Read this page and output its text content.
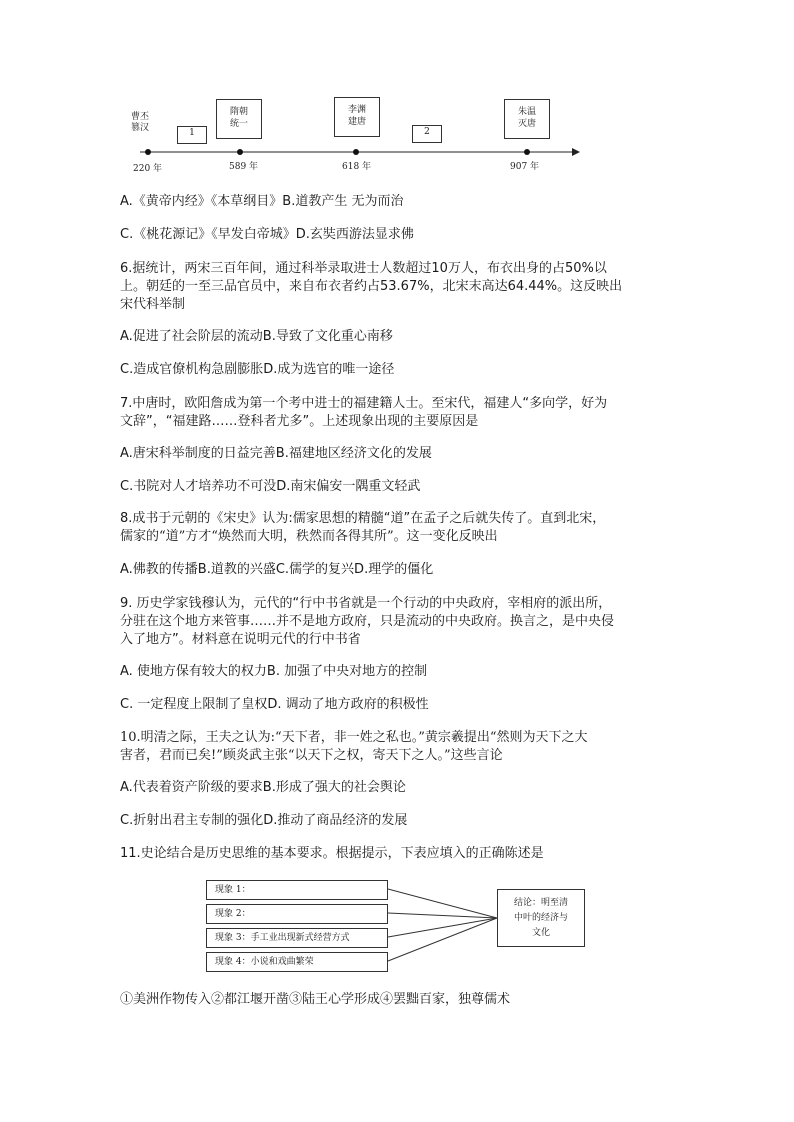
曹丕
篡汉	1
隋朝
统一
李渊
建唐
2
朱温
灭唐
220 年	589 年	618 年	907 年
A.《黄帝内经》《本草纲目》B.道教产生 无为而治
C.《桃花源记》《早发白帝城》D.玄奘西游法显求佛
6.据统计，两宋三百年间，通过科举录取进士人数超过10万人，布衣出身的占50%以
上。朝廷的一至三品官员中，来自布衣者约占53.67%，北宋末高达64.44%。这反映出
宋代科举制
A.促进了社会阶层的流动B.导致了文化重心南移
C.造成官僚机构急剧膨胀D.成为选官的唯一途径
7.中唐时，欧阳詹成为第一个考中进士的福建籍人士。至宋代，福建人“多向学，好为
文辞”，“福建路……登科者尤多”。上述现象出现的主要原因是
A.唐宋科举制度的日益完善B.福建地区经济文化的发展
C.书院对人才培养功不可没D.南宋偏安一隅重文轻武
8.成书于元朝的《宋史》认为:儒家思想的精髓“道”在孟子之后就失传了。直到北宋，
儒家的“道”方才“焕然而大明，秩然而各得其所”。这一变化反映出
A.佛教的传播B.道教的兴盛C.儒学的复兴D.理学的僵化
9. 历史学家钱穆认为，元代的“行中书省就是一个行动的中央政府，宰相府的派出所，
分驻在这个地方来管事……并不是地方政府，只是流动的中央政府。换言之，是中央侵
入了地方”。材料意在说明元代的行中书省
A. 使地方保有较大的权力B. 加强了中央对地方的控制
C. 一定程度上限制了皇权D. 调动了地方政府的积极性
10.明清之际，王夫之认为:“天下者，非一姓之私也。”黄宗羲提出“然则为天下之大
害者，君而已矣!”顾炎武主张“以天下之权，寄天下之人。”这些言论
A.代表着资产阶级的要求B.形成了强大的社会舆论
C.折射出君主专制的强化D.推动了商品经济的发展
11.史论结合是历史思维的基本要求。根据提示，下表应填入的正确陈述是
现象 1：
现象 2：
现象 3：手工业出现新式经营方式
现象 4：小说和戏曲繁荣
结论：明至清
中叶的经济与
文化
①美洲作物传入②都江堰开凿③陆王心学形成④罢黜百家，独尊儒术
